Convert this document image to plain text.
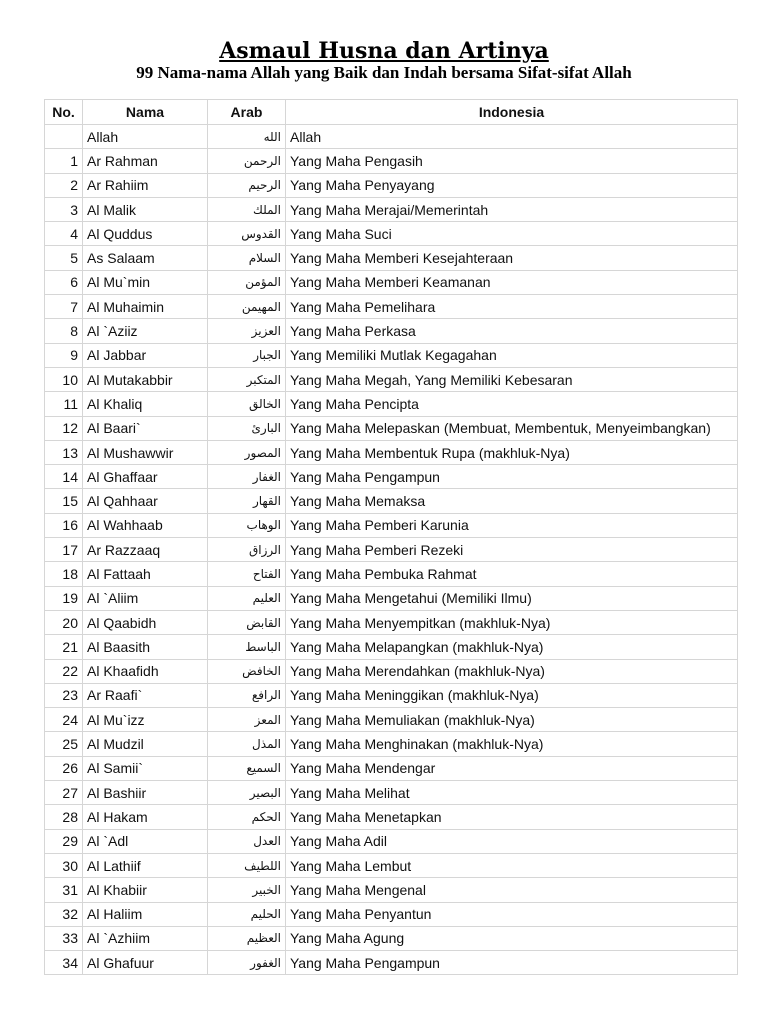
Asmaul Husna dan Artinya
99 Nama-nama Allah yang Baik dan Indah bersama Sifat-sifat Allah
No.	Nama	Arab	Indonesia
	Allah	الله	Allah
1	Ar Rahman	الرحمن	Yang Maha Pengasih
2	Ar Rahiim	الرحيم	Yang Maha Penyayang
3	Al Malik	الملك	Yang Maha Merajai/Memerintah
4	Al Quddus	القدوس	Yang Maha Suci
5	As Salaam	السلام	Yang Maha Memberi Kesejahteraan
6	Al Mu`min	المؤمن	Yang Maha Memberi Keamanan
7	Al Muhaimin	المهيمن	Yang Maha Pemelihara
8	Al `Aziiz	العزيز	Yang Maha Perkasa
9	Al Jabbar	الجبار	Yang Memiliki Mutlak Kegagahan
10	Al Mutakabbir	المتكبر	Yang Maha Megah, Yang Memiliki Kebesaran
11	Al Khaliq	الخالق	Yang Maha Pencipta
12	Al Baari`	البارئ	Yang Maha Melepaskan (Membuat, Membentuk, Menyeimbangkan)
13	Al Mushawwir	المصور	Yang Maha Membentuk Rupa (makhluk-Nya)
14	Al Ghaffaar	الغفار	Yang Maha Pengampun
15	Al Qahhaar	القهار	Yang Maha Memaksa
16	Al Wahhaab	الوهاب	Yang Maha Pemberi Karunia
17	Ar Razzaaq	الرزاق	Yang Maha Pemberi Rezeki
18	Al Fattaah	الفتاح	Yang Maha Pembuka Rahmat
19	Al `Aliim	العليم	Yang Maha Mengetahui (Memiliki Ilmu)
20	Al Qaabidh	القابض	Yang Maha Menyempitkan (makhluk-Nya)
21	Al Baasith	الباسط	Yang Maha Melapangkan (makhluk-Nya)
22	Al Khaafidh	الخافض	Yang Maha Merendahkan (makhluk-Nya)
23	Ar Raafi`	الرافع	Yang Maha Meninggikan (makhluk-Nya)
24	Al Mu`izz	المعز	Yang Maha Memuliakan (makhluk-Nya)
25	Al Mudzil	المذل	Yang Maha Menghinakan (makhluk-Nya)
26	Al Samii`	السميع	Yang Maha Mendengar
27	Al Bashiir	البصير	Yang Maha Melihat
28	Al Hakam	الحكم	Yang Maha Menetapkan
29	Al `Adl	العدل	Yang Maha Adil
30	Al Lathiif	اللطيف	Yang Maha Lembut
31	Al Khabiir	الخبير	Yang Maha Mengenal
32	Al Haliim	الحليم	Yang Maha Penyantun
33	Al `Azhiim	العظيم	Yang Maha Agung
34	Al Ghafuur	الغفور	Yang Maha Pengampun
